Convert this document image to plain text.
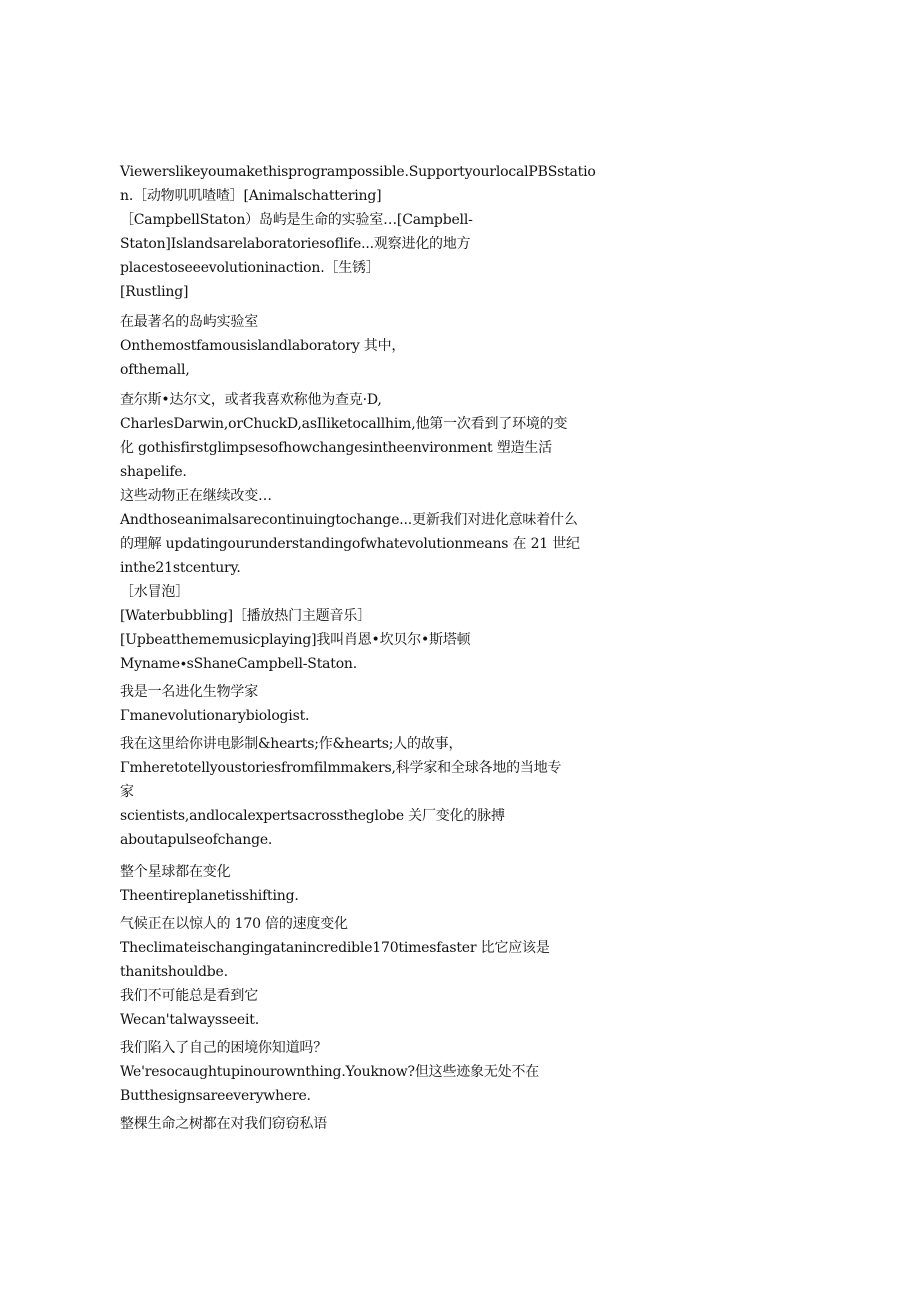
Viewerslikeyoumakethisprogrampossible.SupportyourlocalPBSstatio
n.［动物叽叽喳喳］[Animalschattering]
［CampbellStaton）岛屿是生命的实验室…[Campbell-
Staton]Islandsarelaboratoriesoflife...观察进化的地方
placestoseeevolutioninaction.［生锈］
[Rustling]
在最著名的岛屿实验室
Onthemostfamousislandlaboratory 其中，
ofthemall,
查尔斯•达尔文，或者我喜欢称他为查克·D,
CharlesDarwin,orChuckD,asIliketocallhim,他第一次看到了环境的变
化 gothisfirstglimpsesofhowchangesintheenvironment 塑造生活
shapelife.
这些动物正在继续改变…
Andthoseanimalsarecontinuingtochange...更新我们对进化意味着什么
的理解 updatingourunderstandingofwhatevolutionmeans 在 21 世纪
inthe21stcentury.
［水冒泡］
[Waterbubbling]［播放热门主题音乐］
[Upbeatthememusicplaying]我叫肖恩•坎贝尔•斯塔顿
Myname∙sShaneCampbell-Staton.
我是一名进化生物学家
Γmanevolutionarybiologist.
我在这里给你讲电影制&hearts;作&hearts;人的故事，
Γmheretotellyoustoriesfromfilmmakers,科学家和全球各地的当地专
家
scientists,andlocalexpertsacrosstheglobe 关厂变化的脉搏
aboutapulseofchange.
整个星球都在变化
Theentireplanetisshifting.
气候正在以惊人的 170 倍的速度变化
Theclimateischangingatanincredible170timesfaster 比它应该是
thanitshouldbe.
我们不可能总是看到它
Wecan'talwaysseeit.
我们陷入了自己的困境你知道吗？
We'resocaughtupinourownthing.Youknow?但这些迹象无处不在
Butthesignsareeverywhere.
整棵生命之树都在对我们窃窃私语
